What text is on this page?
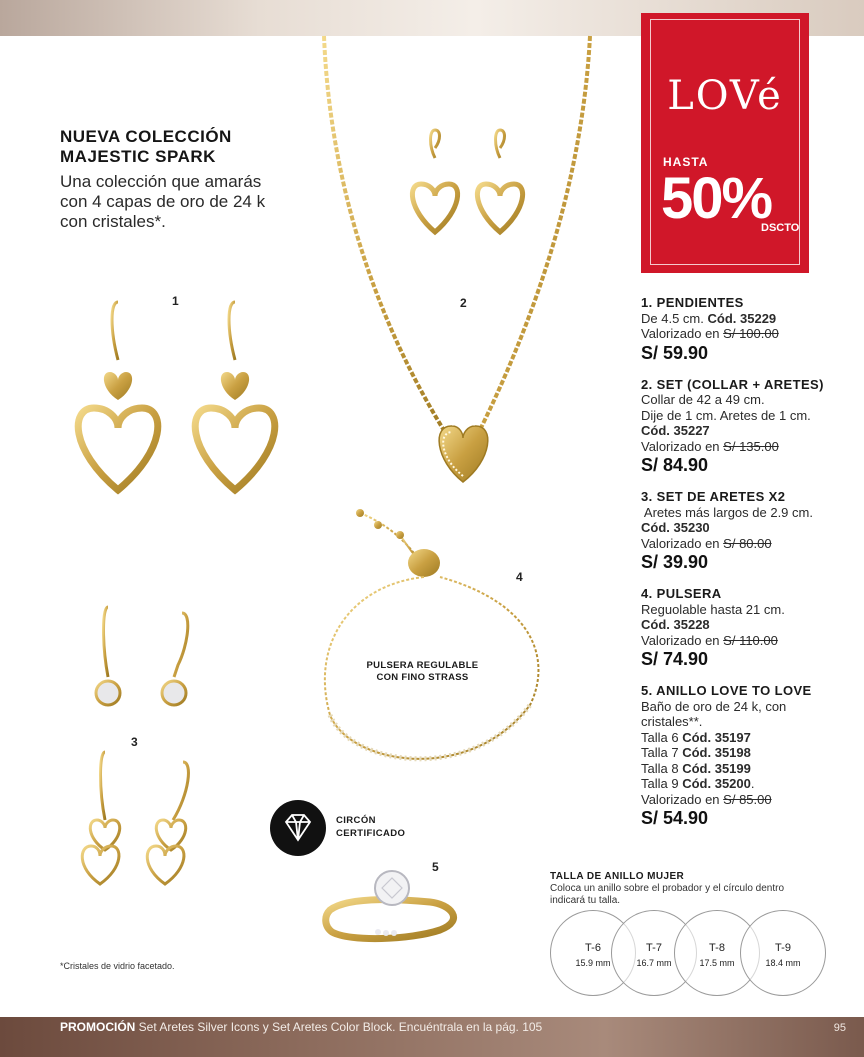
LOVé
HASTA
50%
DSCTO
NUEVA COLECCIÓN
MAJESTIC SPARK
Una colección que amarás
con 4 capas de oro de 24 k
con cristales*.
1	2
3
4
5
PULSERA REGULABLE
CON FINO STRASS
CIRCÓN
CERTIFICADO
1. PENDIENTES
De 4.5 cm. Cód. 35229
Valorizado en S/ 100.00
S/ 59.90
2. SET (COLLAR + ARETES)
Collar de 42 a 49 cm.
Dije de 1 cm. Aretes de 1 cm.
Cód. 35227
Valorizado en S/ 135.00
S/ 84.90
3. SET DE ARETES X2
Aretes más largos de 2.9 cm.
Cód. 35230
Valorizado en S/ 80.00
S/ 39.90
4. PULSERA
Reguolable hasta 21 cm.
Cód. 35228
Valorizado en S/ 110.00
S/ 74.90
5. ANILLO LOVE TO LOVE
Baño de oro de 24 k, con
cristales**.
Talla 6 Cód. 35197
Talla 7 Cód. 35198
Talla 8 Cód. 35199
Talla 9 Cód. 35200.
Valorizado en S/ 85.00
S/ 54.90
TALLA DE ANILLO MUJER
Coloca un anillo sobre el probador y el círculo dentro indicará tu talla.
T-6
15.9 mm
T-7
16.7 mm
T-8
17.5 mm
T-9
18.4 mm
*Cristales de vidrio facetado.
PROMOCIÓN Set Aretes Silver Icons y Set Aretes Color Block. Encuéntrala en la pág. 105	95
